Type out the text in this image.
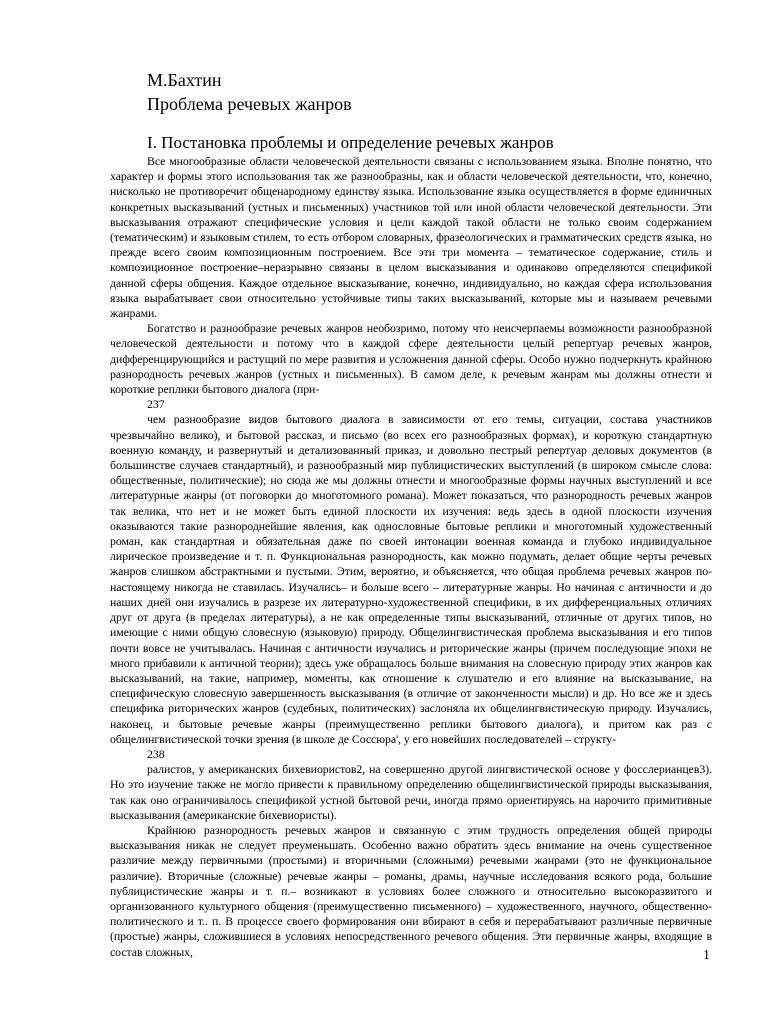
М.Бахтин
Проблема речевых жанров
I. Постановка проблемы и определение речевых жанров

Все многообразные области человеческой деятельности связаны с использованием языка. Вполне понятно, что характер и формы этого использования так же разнообразны, как и области человеческой деятельности, что, конечно, нисколько не противоречит общенародному единству языка. Использование языка осуществляется в форме единичных конкретных высказываний (устных и письменных) участников той или иной области человеческой деятельности. Эти высказывания отражают специфические условия и цели каждой такой области не только своим содержанием (тематическим) и языковым стилем, то есть отбором словарных, фразеологических и грамматических средств языка, но прежде всего своим композиционным построением. Все эти три момента – тематическое содержание, стиль и композиционное построение–неразрывно связаны в целом высказывания и одинаково определяются спецификой данной сферы общения. Каждое отдельное высказывание, конечно, индивидуально, но каждая сфера использования языка вырабатывает свои относительно устойчивые типы таких высказываний, которые мы и называем речевыми жанрами.

Богатство и разнообразие речевых жанров необозримо, потому что неисчерпаемы возможности разнообразной человеческой деятельности и потому что в каждой сфере деятельности целый репертуар речевых жанров, дифференцирующийся и растущий по мере развития и усложнения данной сферы. Особо нужно подчеркнуть крайнюю разнородность речевых жанров (устных и письменных). В самом деле, к речевым жанрам мы должны отнести и короткие реплики бытового диалога (при-

237

чем разнообразие видов бытового диалога в зависимости от его темы, ситуации, состава участников чрезвычайно велико), и бытовой рассказ, и письмо (во всех его разнообразных формах), и короткую стандартную военную команду, и развернутый и детализованный приказ, и довольно пестрый репертуар деловых документов (в большинстве случаев стандартный), и разнообразный мир публицистических выступлений (в широком смысле слова: общественные, политические); но сюда же мы должны отнести и многообразные формы научных выступлений и все литературные жанры (от поговорки до многотомного романа). Может показаться, что разнородность речевых жанров так велика, что нет и не может быть единой плоскости их изучения: ведь здесь в одной плоскости изучения оказываются такие разнороднейшие явления, как однословные бытовые реплики и многотомный художественный роман, как стандартная и обязательная даже по своей интонации военная команда и глубоко индивидуальное лирическое произведение и т. п. Функциональная разнородность, как можно подумать, делает общие черты речевых жанров слишком абстрактными и пустыми. Этим, вероятно, и объясняется, что общая проблема речевых жанров по-настоящему никогда не ставилась. Изучались– и больше всего – литературные жанры. Но начиная с античности и до наших дней они изучались в разрезе их литературно-художественной специфики, в их дифференциальных отличиях друг от друга (в пределах литературы), а не как определенные типы высказываний, отличные от других типов, но имеющие с ними общую словесную (языковую) природу. Общелингвистическая проблема высказывания и его типов почти вовсе не учитывалась. Начиная с античности изучались и риторические жанры (причем последующие эпохи не много прибавили к античной теории); здесь уже обращалось больше внимания на словесную природу этих жанров как высказываний, на такие, например, моменты, как отношение к слушателю и его влияние на высказывание, на специфическую словесную завершенность высказывания (в отличие от законченности мысли) и др. Но все же и здесь специфика риторических жанров (судебных, политических) заслоняла их общелингвистическую природу. Изучались, наконец, и бытовые речевые жанры (преимущественно реплики бытового диалога), и притом как раз с общелингвистической точки зрения (в школе де Соссюра', у его новейших последователей – структу-

238

ралистов, у американских бихевиористов2, на совершенно другой лингвистической основе у фосслерианцев3). Но это изучение также не могло привести к правильному определению общелингвистической природы высказывания, так как оно ограничивалось спецификой устной бытовой речи, иногда прямо ориентируясь на нарочито примитивные высказывания (американские бихевиористы).

Крайнюю разнородность речевых жанров и связанную с этим трудность определения общей природы высказывания никак не следует преуменьшать. Особенно важно обратить здесь внимание на очень существенное различие между первичными (простыми) и вторичными (сложными) речевыми жанрами (это не функциональное различие). Вторичные (сложные) речевые жанры – романы, драмы, научные исследования всякого рода, большие публицистические жанры и т. п.– возникают в условиях более сложного и относительно высокоразвитого и организованного культурного общения (преимущественно письменного) – художественного, научного, общественно-политического и т.. п. В процессе своего формирования они вбирают в себя и перерабатывают различные первичные (простые) жанры, сложившиеся в условиях непосредственного речевого общения. Эти первичные жанры, входящие в состав сложных,	1
